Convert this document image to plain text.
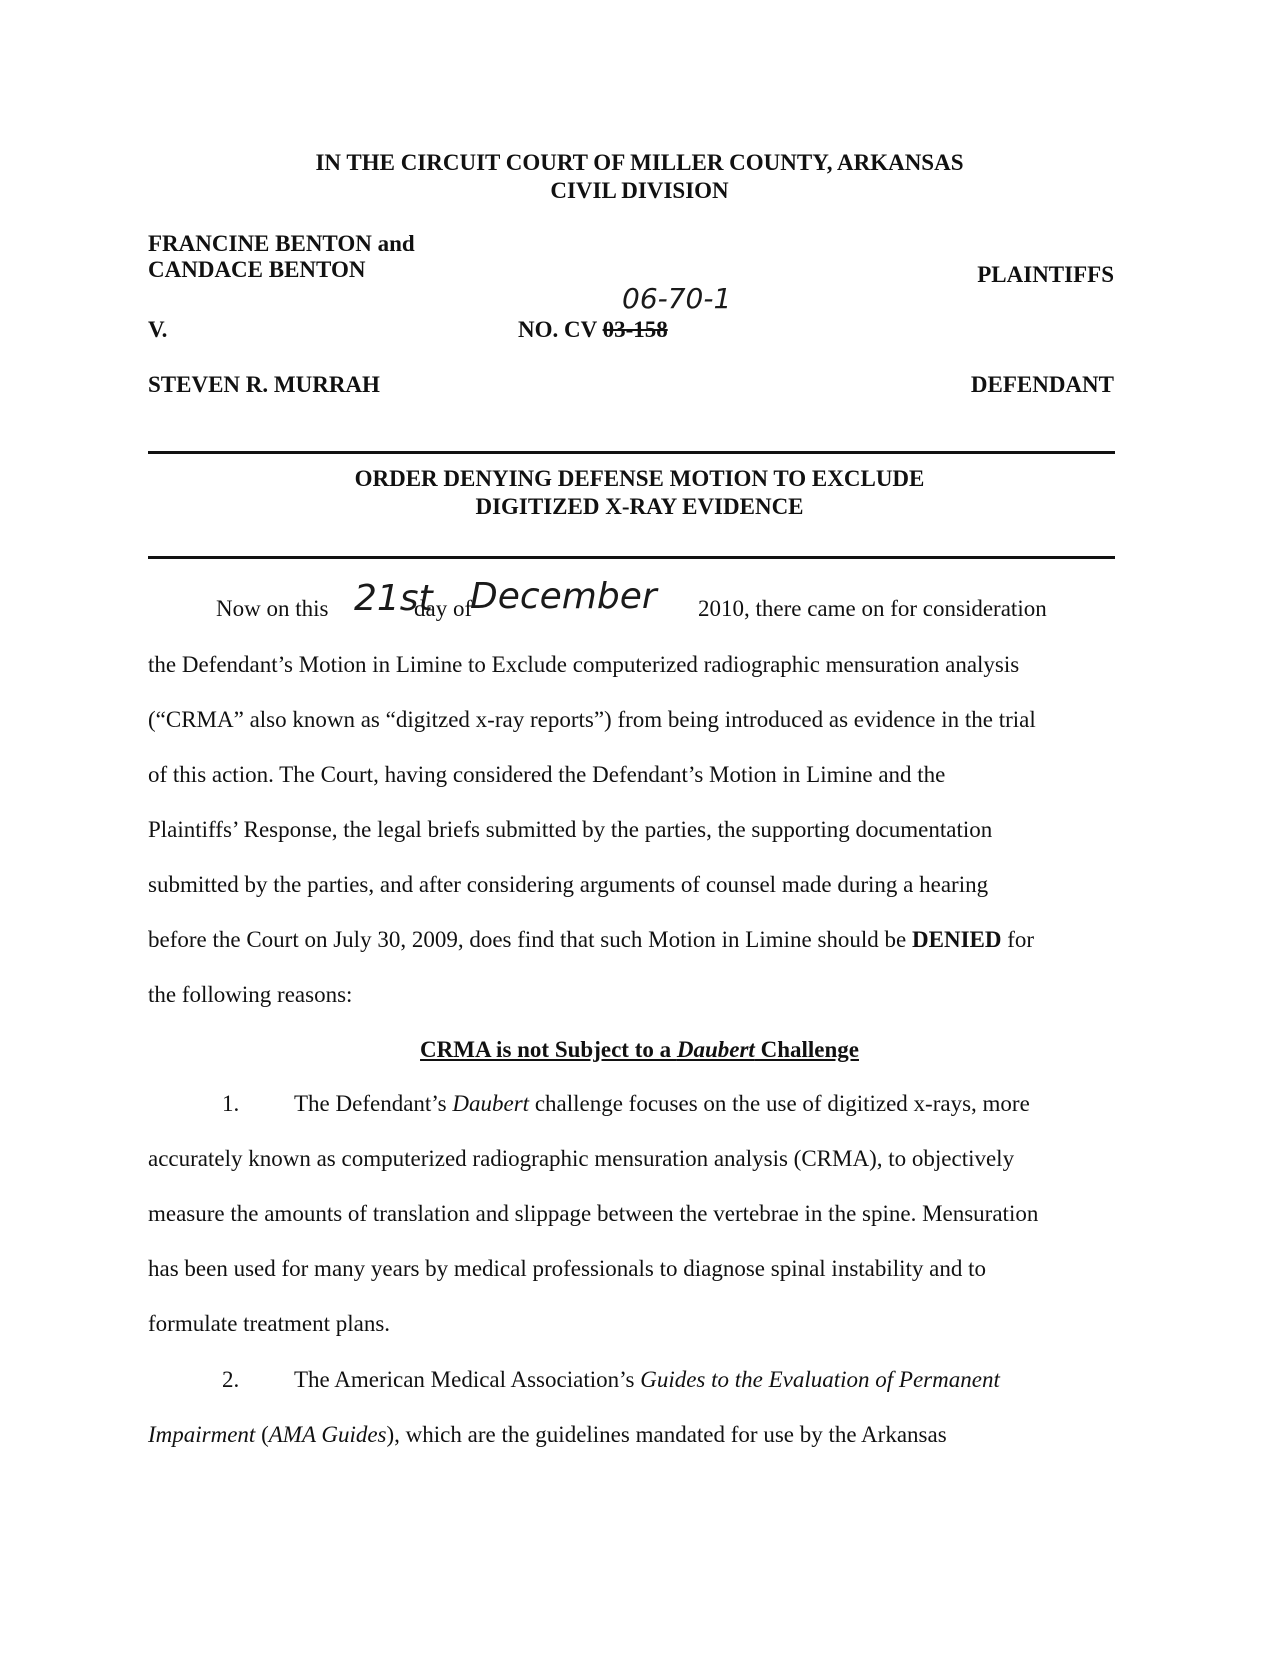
IN THE CIRCUIT COURT OF MILLER COUNTY, ARKANSAS
CIVIL DIVISION
FRANCINE BENTON and
CANDACE BENTON	PLAINTIFFS
06-70-1
V.	NO. CV 03-158
STEVEN R. MURRAH	DEFENDANT
ORDER DENYING DEFENSE MOTION TO EXCLUDE
DIGITIZED X-RAY EVIDENCE
Now on this 21st
day of
December 2010, there came on for consideration
the Defendant’s Motion in Limine to Exclude computerized radiographic mensuration analysis
(“CRMA” also known as “digitzed x-ray reports”) from being introduced as evidence in the trial
of this action. The Court, having considered the Defendant’s Motion in Limine and the
Plaintiffs’ Response, the legal briefs submitted by the parties, the supporting documentation
submitted by the parties, and after considering arguments of counsel made during a hearing
before the Court on July 30, 2009, does find that such Motion in Limine should be DENIED for
the following reasons:
CRMA is not Subject to a Daubert Challenge
1. The Defendant’s Daubert challenge focuses on the use of digitized x-rays, more
accurately known as computerized radiographic mensuration analysis (CRMA), to objectively
measure the amounts of translation and slippage between the vertebrae in the spine. Mensuration
has been used for many years by medical professionals to diagnose spinal instability and to
formulate treatment plans.
2. The American Medical Association’s Guides to the Evaluation of Permanent
Impairment (AMA Guides), which are the guidelines mandated for use by the Arkansas
